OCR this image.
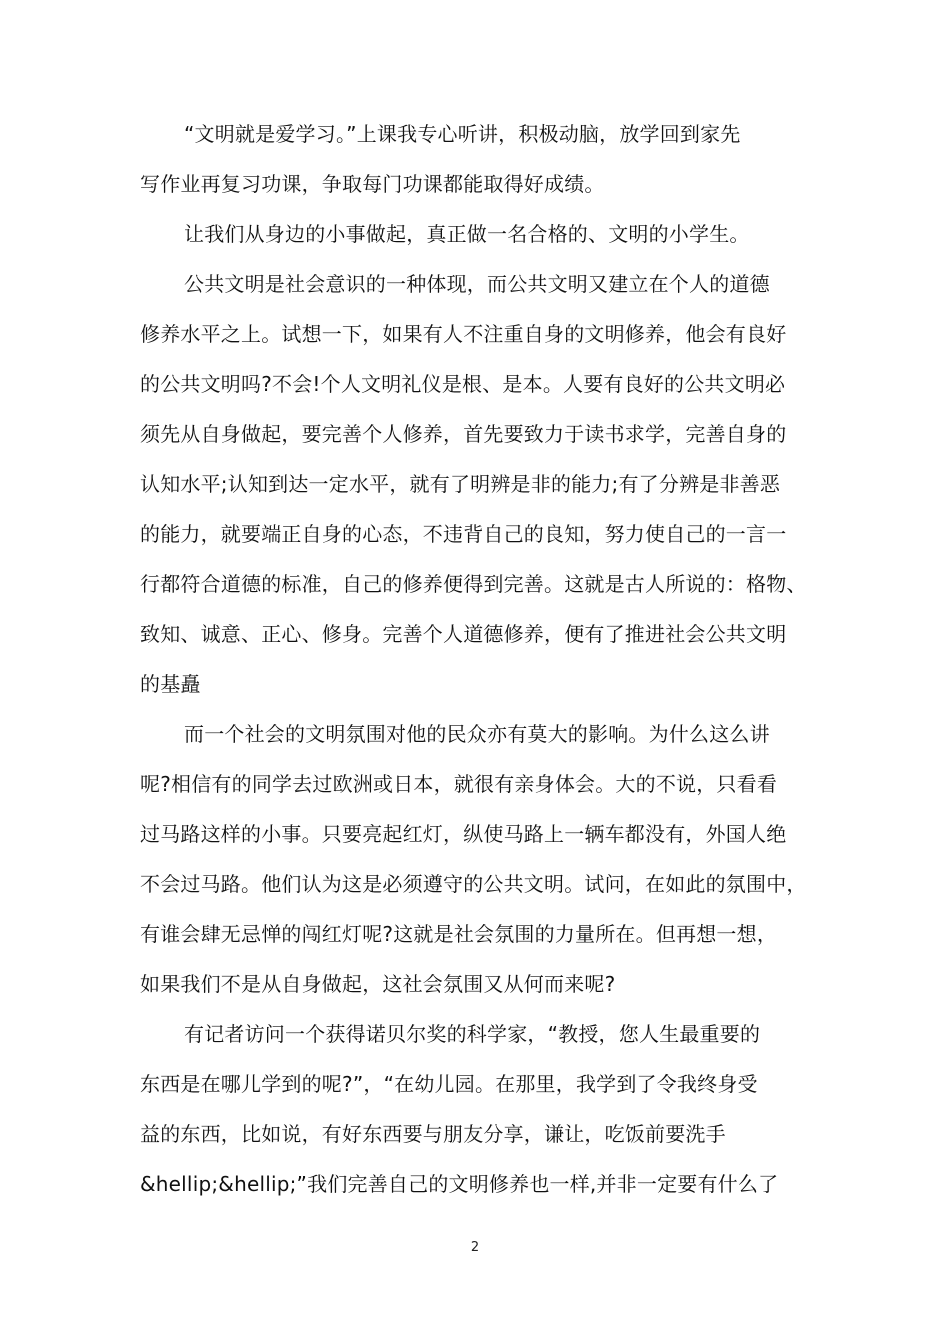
“文明就是爱学习。”上课我专心听讲，积极动脑，放学回到家先
写作业再复习功课，争取每门功课都能取得好成绩。
让我们从身边的小事做起，真正做一名合格的、文明的小学生。
公共文明是社会意识的一种体现，而公共文明又建立在个人的道德
修养水平之上。试想一下，如果有人不注重自身的文明修养，他会有良好
的公共文明吗?不会!个人文明礼仪是根、是本。人要有良好的公共文明必
须先从自身做起，要完善个人修养，首先要致力于读书求学，完善自身的
认知水平;认知到达一定水平，就有了明辨是非的能力;有了分辨是非善恶
的能力，就要端正自身的心态，不违背自己的良知，努力使自己的一言一
行都符合道德的标准，自己的修养便得到完善。这就是古人所说的：格物、
致知、诚意、正心、修身。完善个人道德修养，便有了推进社会公共文明
的基矗
而一个社会的文明氛围对他的民众亦有莫大的影响。为什么这么讲
呢?相信有的同学去过欧洲或日本，就很有亲身体会。大的不说，只看看
过马路这样的小事。只要亮起红灯，纵使马路上一辆车都没有，外国人绝
不会过马路。他们认为这是必须遵守的公共文明。试问，在如此的氛围中，
有谁会肆无忌惮的闯红灯呢?这就是社会氛围的力量所在。但再想一想，
如果我们不是从自身做起，这社会氛围又从何而来呢?
有记者访问一个获得诺贝尔奖的科学家，“教授，您人生最重要的
东西是在哪儿学到的呢?”，“在幼儿园。在那里，我学到了令我终身受
益的东西，比如说，有好东西要与朋友分享，谦让，吃饭前要洗手
&hellip;&hellip;”我们完善自己的文明修养也一样,并非一定要有什么了
2
